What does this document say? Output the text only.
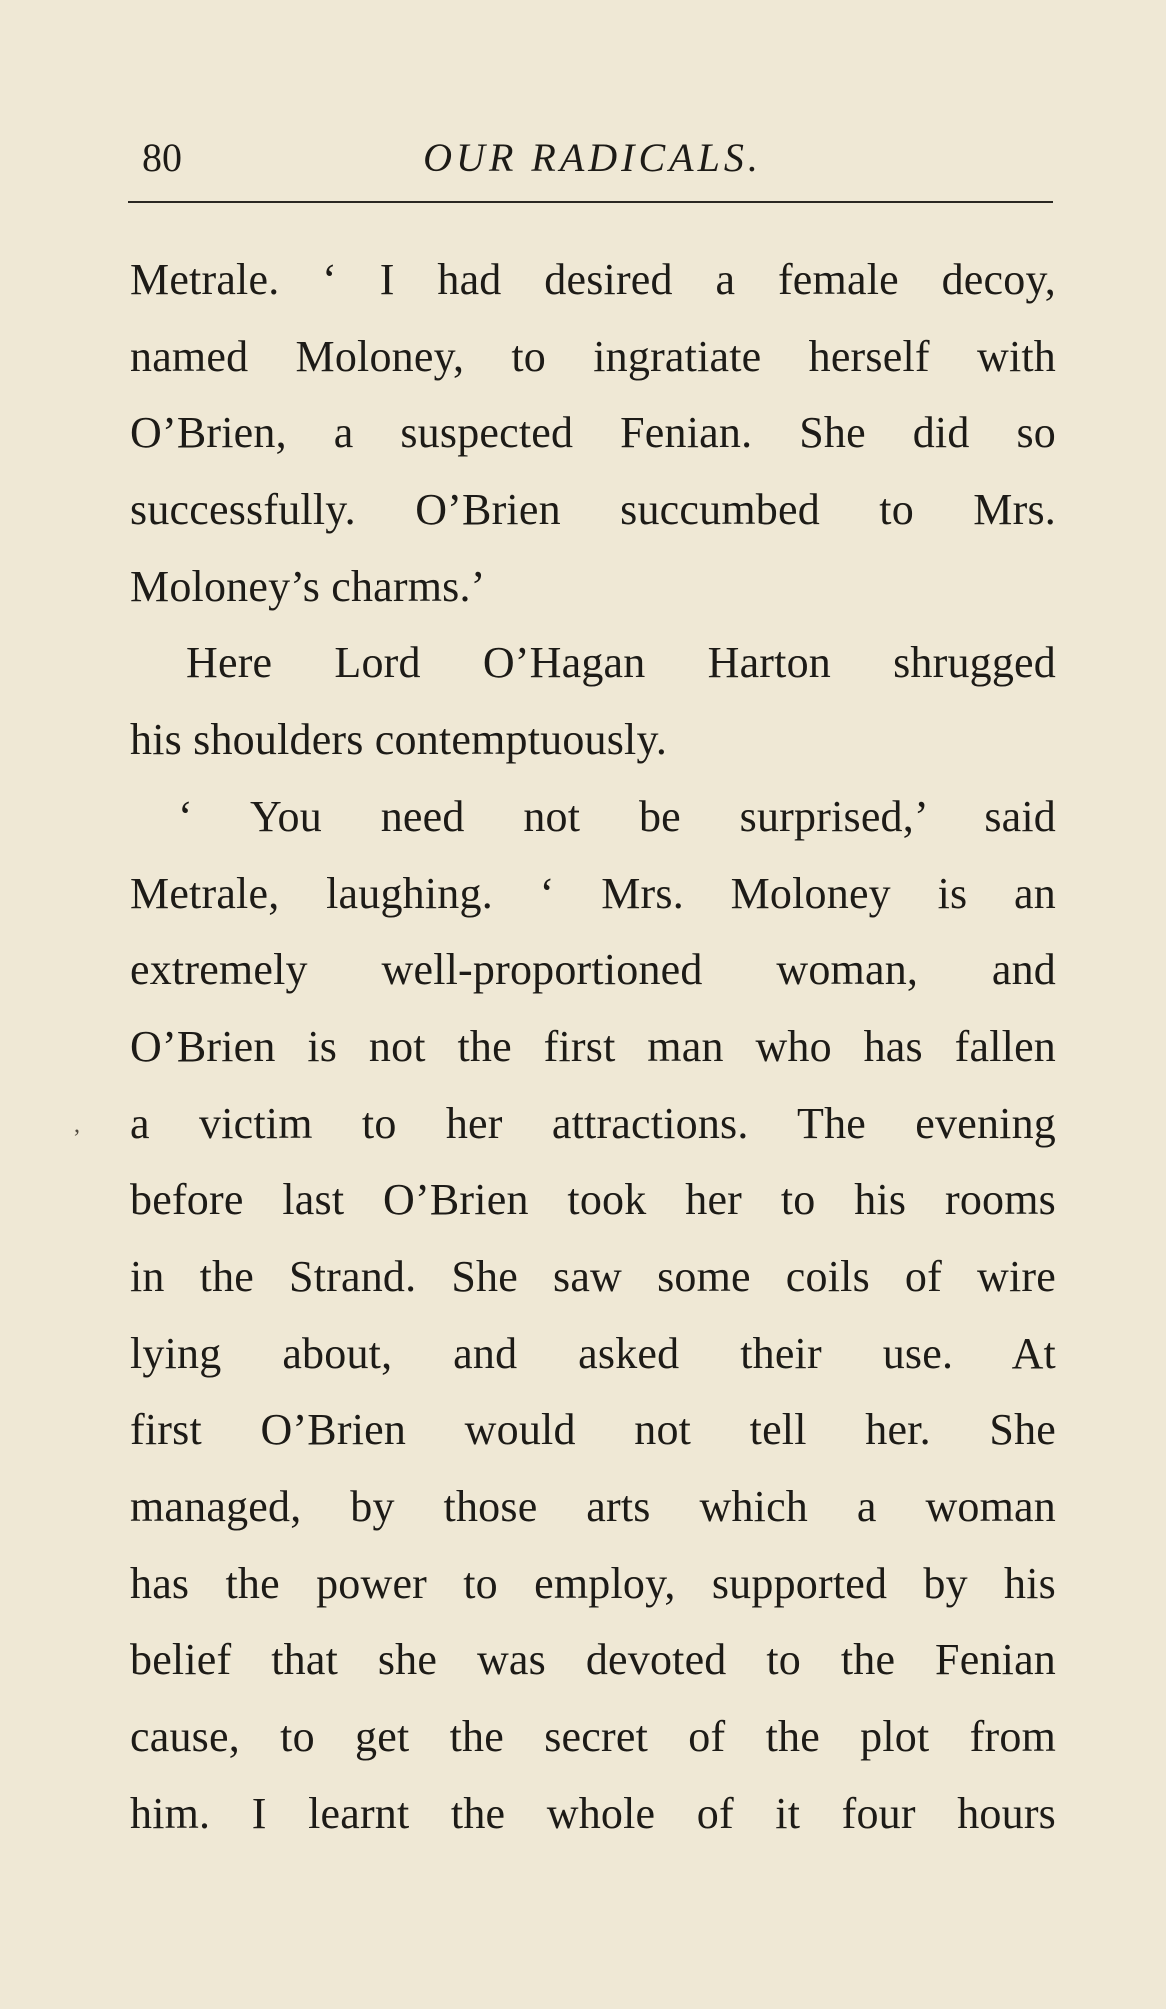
80	OUR RADICALS.
,
Metrale. ‘ I had desired a female decoy,
named Moloney, to ingratiate herself with
O’Brien, a suspected Fenian. She did so
successfully. O’Brien succumbed to Mrs.
Moloney’s charms.’
Here Lord O’Hagan Harton shrugged
his shoulders contemptuously.
‘ You need not be surprised,’ said
Metrale, laughing. ‘ Mrs. Moloney is an
extremely well-proportioned woman, and
O’Brien is not the first man who has fallen
a victim to her attractions. The evening
before last O’Brien took her to his rooms
in the Strand. She saw some coils of wire
lying about, and asked their use. At
first O’Brien would not tell her. She
managed, by those arts which a woman
has the power to employ, supported by his
belief that she was devoted to the Fenian
cause, to get the secret of the plot from
him. I learnt the whole of it four hours
